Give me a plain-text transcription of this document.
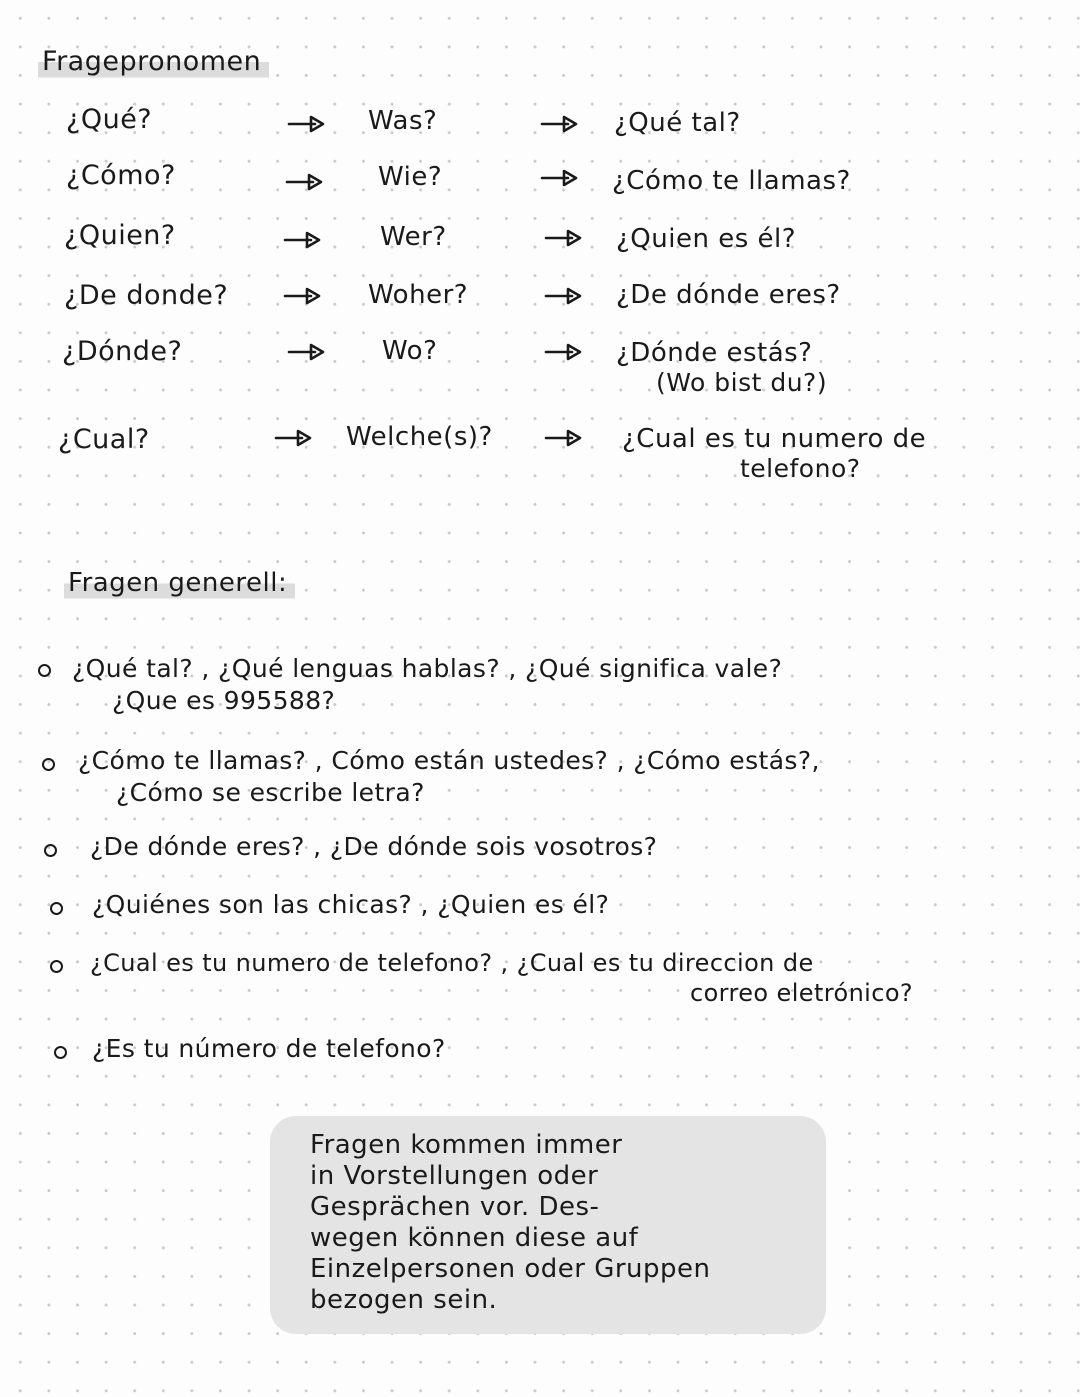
Fragepronomen
¿Qué?	Was?	¿Qué tal?
¿Cómo?	Wie?	¿Cómo te llamas?
¿Quien?	Wer?	¿Quien es él?
¿De donde?	Woher?	¿De dónde eres?
¿Dónde?	Wo?	¿Dónde estás?
(Wo bist du?)
¿Cual?	Welche(s)?	¿Cual es tu numero de
telefono?
Fragen generell:
¿Qué tal? , ¿Qué lenguas hablas? , ¿Qué significa vale?
¿Que es 995588?
¿Cómo te llamas? , Cómo están ustedes? , ¿Cómo estás?,
¿Cómo se escribe letra?
¿De dónde eres? , ¿De dónde sois vosotros?
¿Quiénes son las chicas? , ¿Quien es él?
¿Cual es tu numero de telefono? , ¿Cual es tu direccion de
correo eletrónico?
¿Es tu número de telefono?
Fragen kommen immer
in Vorstellungen oder
Gesprächen vor. Des-
wegen können diese auf
Einzelpersonen oder Gruppen
bezogen sein.
